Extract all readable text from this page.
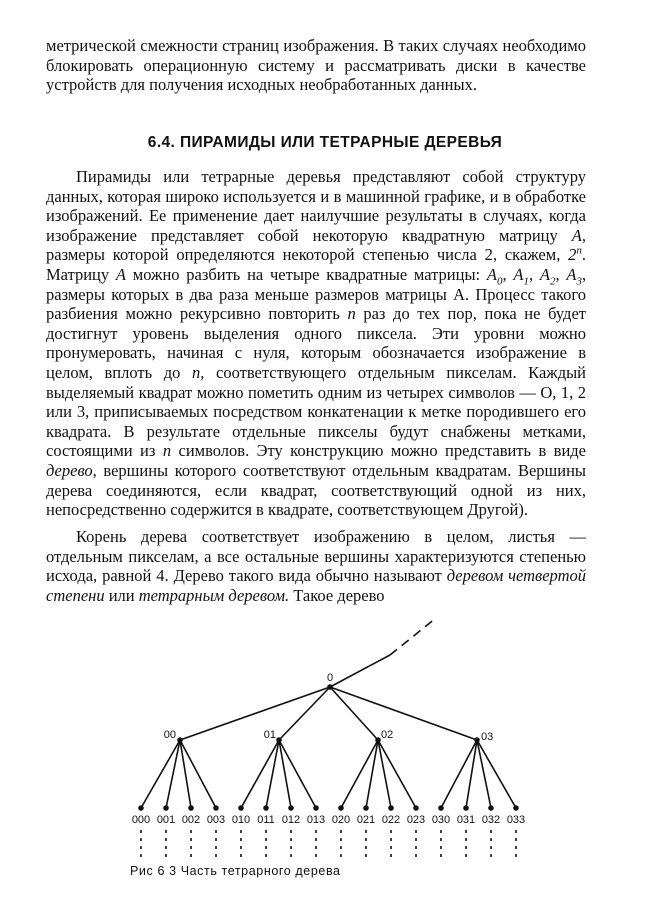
метрической смежности страниц изображения. В таких случаях необходимо блокировать операционную систему и рассматривать диски в качестве устройств для получения исходных необработанных данных.

6.4. ПИРАМИДЫ ИЛИ ТЕТРАРНЫЕ ДЕРЕВЬЯ

Пирамиды или тетрарные деревья представляют собой структуру данных, которая широко используется и в машинной графике, и в обработке изображений. Ее применение дает наилучшие результаты в случаях, когда изображение представляет собой некоторую квадратную матрицу A, размеры которой определяются некоторой степенью числа 2, скажем, 2$^n$. Матрицу A можно разбить на четыре квадратные матрицы: $A_0$, $A_1$, $A_2$, $A_3$, размеры которых в два раза меньше размеров матрицы А. Процесс такого разбиения можно рекурсивно повторить n раз до тех пор, пока не будет достигнут уровень выделения одного пиксела. Эти уровни можно пронумеровать, начиная с нуля, которым обозначается изображение в целом, вплоть до n, соответствующего отдельным пикселам. Каждый выделяемый квадрат можно пометить одним из четырех символов — О, 1, 2 или 3, приписываемых посредством конкатенации к метке породившего его квадрата. В результате отдельные пикселы будут снабжены метками, состоящими из n символов. Эту конструкцию можно представить в виде дерево, вершины которого соответствуют отдельным квадратам. Вершины дерева соединяются, если квадрат, соответствующий одной из них, непосредственно содержится в квадрате, соответствующем Другой).

Корень дерева соответствует изображению в целом, листья — отдельным пикселам, а все остальные вершины характеризуются степенью исхода, равной 4. Дерево такого вида обычно называют деревом четвертой степени или тетрарным деревом. Такое дерево

0
00	01	02	03
000 001 002 003 010 011 012 013 020 021 022 023 030 031 032 033

Рис 6 3 Часть тетрарного дерева
